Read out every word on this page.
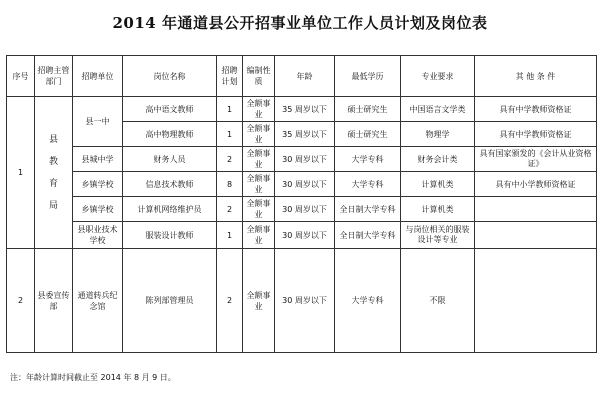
2014 年通道县公开招事业单位工作人员计划及岗位表
序号	招聘主管部门	招聘单位	岗位名称	招聘计划	编制性质	年龄	最低学历	专业要求	其 他 条 件
1	县 教 育 局	县一中	高中语文教师	1	全额事业	35 周岁以下	硕士研究生	中国语言文学类	具有中学教师资格证
			高中物理教师	1	全额事业	35 周岁以下	硕士研究生	物理学	具有中学教师资格证
		县城中学	财务人员	2	全额事业	30 周岁以下	大学专科	财务会计类	具有国家颁发的《会计从业资格证》
		乡镇学校	信息技术教师	8	全额事业	30 周岁以下	大学专科	计算机类	具有中小学教师资格证
		乡镇学校	计算机网络维护员	2	全额事业	30 周岁以下	全日制大学专科	计算机类	
		县职业技术学校	服装设计教师	1	全额事业	30 周岁以下	全日制大学专科	与岗位相关的服装设计等专业	
2	县委宣传部	通道转兵纪念馆	陈列部管理员	2	全额事业	30 周岁以下	大学专科	不限	
注：年龄计算时间截止至 2014 年 8 月 9 日。
